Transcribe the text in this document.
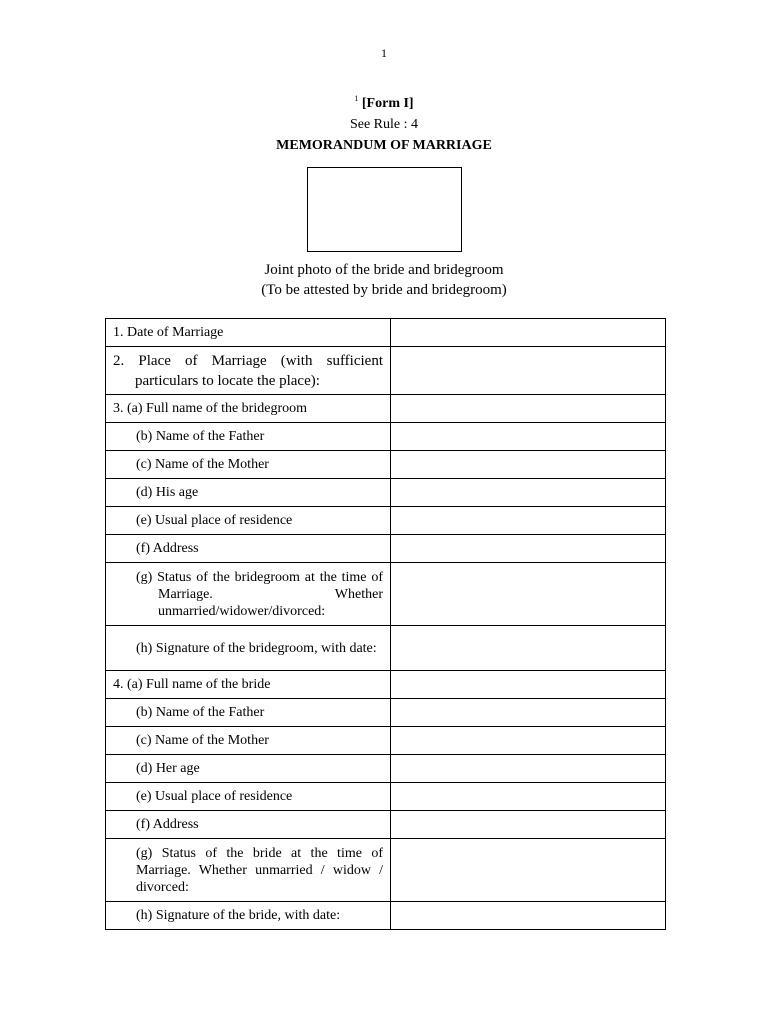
1
$^1$ [Form I]
See Rule : 4
MEMORANDUM OF MARRIAGE
Joint photo of the bride and bridegroom
(To be attested by bride and bridegroom)
1. Date of Marriage	

2. Place of Marriage (with sufficient particulars to locate the place):	

3. (a) Full name of the bridegroom	
(b) Name of the Father	
(c) Name of the Mother	
(d) His age	
(e) Usual place of residence	
(f) Address	

(g) Status of the bridegroom at the time of Marriage. Whether unmarried/widower/divorced:	

(h) Signature of the bridegroom, with date:	

4. (a) Full name of the bride	
(b) Name of the Father	
(c) Name of the Mother	
(d) Her age	
(e) Usual place of residence	
(f) Address	

(g) Status of the bride at the time of Marriage. Whether unmarried / widow / divorced:	

(h) Signature of the bride, with date:	
